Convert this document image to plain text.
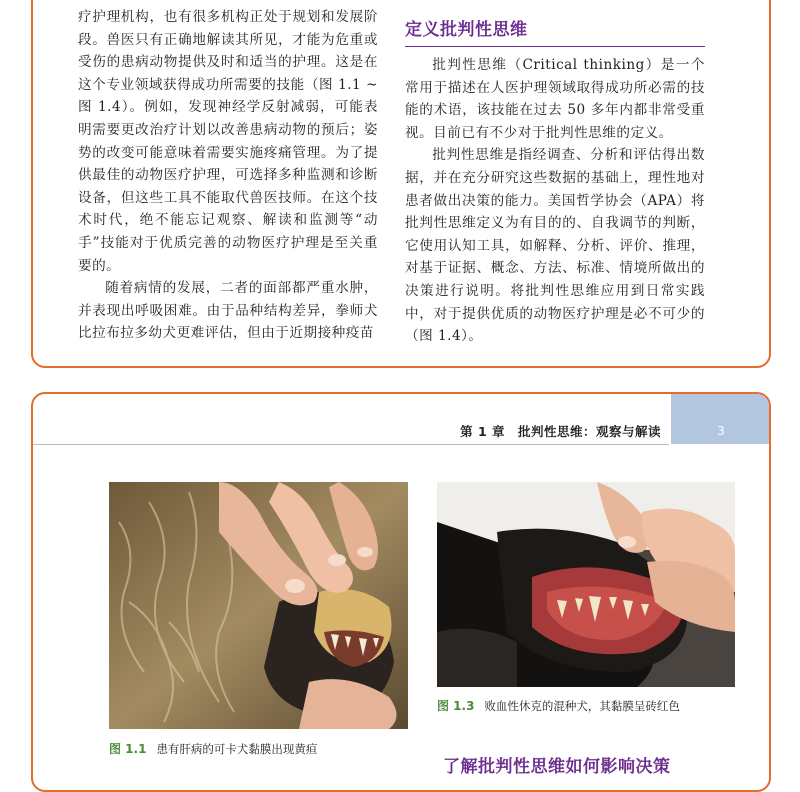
疗护理机构，也有很多机构正处于规划和发展阶段。兽医只有正确地解读其所见，才能为危重或受伤的患病动物提供及时和适当的护理。这是在这个专业领域获得成功所需要的技能（图 1.1 ~ 图 1.4）。例如，发现神经学反射减弱，可能表明需要更改治疗计划以改善患病动物的预后；姿势的改变可能意味着需要实施疼痛管理。为了提供最佳的动物医疗护理，可选择多种监测和诊断设备，但这些工具不能取代兽医技师。在这个技术时代，绝不能忘记观察、解读和监测等“动手”技能对于优质完善的动物医疗护理是至关重要的。

随着病情的发展，二者的面部都严重水肿，并表现出呼吸困难。由于品种结构差异，拳师犬比拉布拉多幼犬更难评估，但由于近期接种疫苗

定义批判性思维

批判性思维（Critical thinking）是一个常用于描述在人医护理领域取得成功所必需的技能的术语，该技能在过去 50 多年内都非常受重视。目前已有不少对于批判性思维的定义。

批判性思维是指经调查、分析和评估得出数据，并在充分研究这些数据的基础上，理性地对患者做出决策的能力。美国哲学协会（APA）将批判性思维定义为有目的的、自我调节的判断，它使用认知工具，如解释、分析、评价、推理，对基于证据、概念、方法、标准、情境所做出的决策进行说明。将批判性思维应用到日常实践中，对于提供优质的动物医疗护理是必不可少的（图 1.4）。

第 1 章　批判性思维：观察与解读	3
图 1.1 患有肝病的可卡犬黏膜出现黄疸
图 1.3 败血性休克的混种犬，其黏膜呈砖红色
了解批判性思维如何影响决策
